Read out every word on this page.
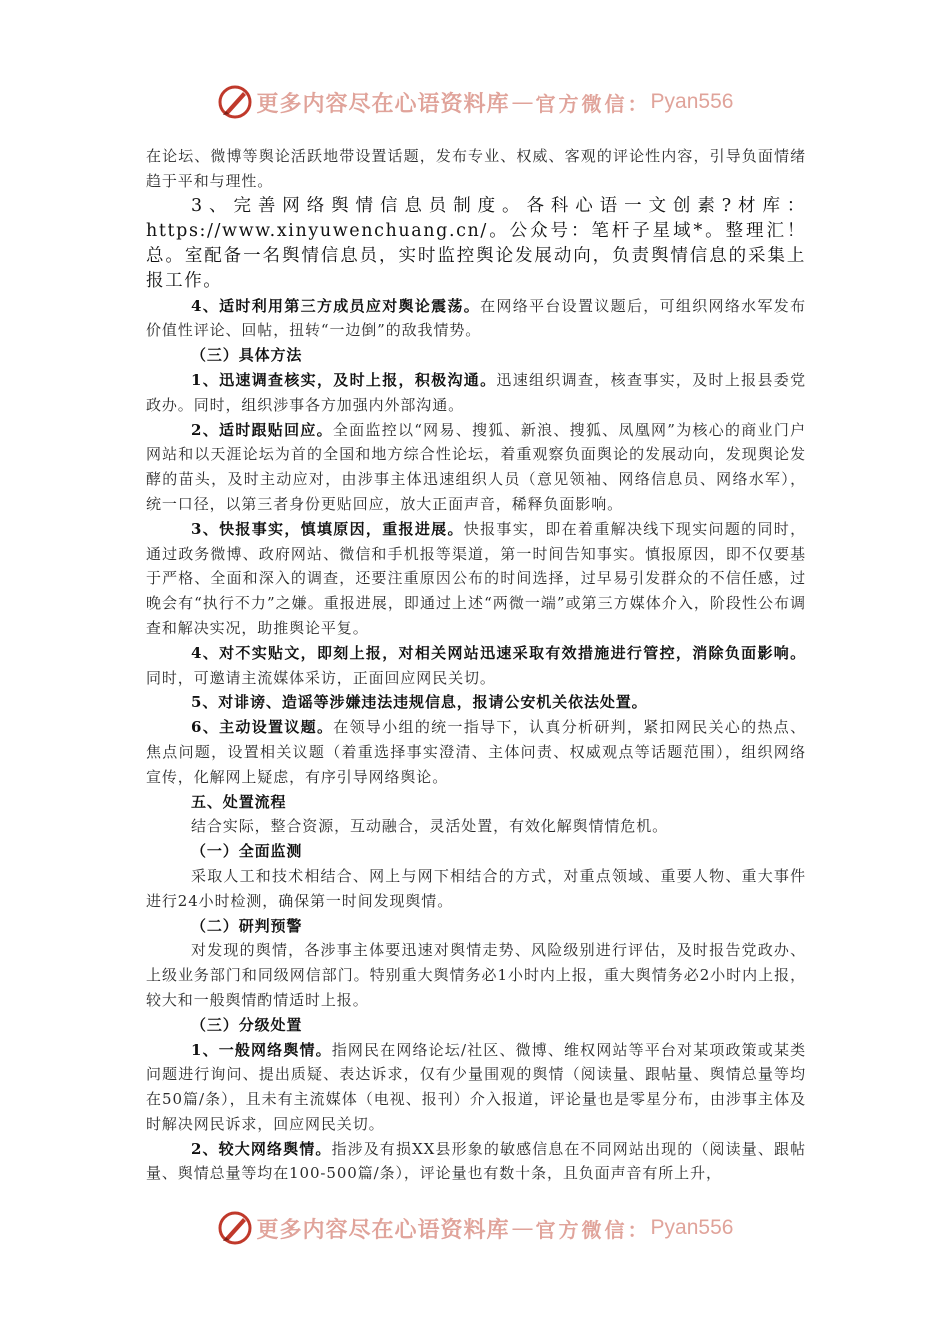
更多内容尽在心语资料库 — 官方微信： Pyan556

在论坛、微博等舆论活跃地带设置话题，发布专业、权威、客观的评论性内容，引导负面情绪趋于平和与理性。

3、完善网络舆情信息员制度。各科心语一文创素?材库：https://www.xinyuwenchuang.cn/。公众号：笔杆子星域*。整理汇！总。室配备一名舆情信息员，实时监控舆论发展动向，负责舆情信息的采集上报工作。

4、适时利用第三方成员应对舆论震荡。在网络平台设置议题后，可组织网络水军发布价值性评论、回帖，扭转“一边倒”的敌我情势。

（三）具体方法

1、迅速调查核实，及时上报，积极沟通。迅速组织调查，核查事实，及时上报县委党政办。同时，组织涉事各方加强内外部沟通。

2、适时跟贴回应。全面监控以“网易、搜狐、新浪、搜狐、凤凰网”为核心的商业门户网站和以天涯论坛为首的全国和地方综合性论坛，着重观察负面舆论的发展动向，发现舆论发酵的苗头，及时主动应对，由涉事主体迅速组织人员（意见领袖、网络信息员、网络水军），统一口径，以第三者身份更贴回应，放大正面声音，稀释负面影响。

3、快报事实，慎填原因，重报进展。快报事实，即在着重解决线下现实问题的同时，通过政务微博、政府网站、微信和手机报等渠道，第一时间告知事实。慎报原因，即不仅要基于严格、全面和深入的调查，还要注重原因公布的时间选择，过早易引发群众的不信任感，过晚会有“执行不力”之嫌。重报进展，即通过上述“两微一端”或第三方媒体介入，阶段性公布调查和解决实况，助推舆论平复。

4、对不实贴文，即刻上报，对相关网站迅速采取有效措施进行管控，消除负面影响。同时，可邀请主流媒体采访，正面回应网民关切。

5、对诽谤、造谣等涉嫌违法违规信息，报请公安机关依法处置。

6、主动设置议题。在领导小组的统一指导下，认真分析研判，紧扣网民关心的热点、焦点问题，设置相关议题（着重选择事实澄清、主体问责、权威观点等话题范围），组织网络宣传，化解网上疑虑，有序引导网络舆论。

五、处置流程

结合实际，整合资源，互动融合，灵活处置，有效化解舆情情危机。

（一）全面监测

采取人工和技术相结合、网上与网下相结合的方式，对重点领域、重要人物、重大事件进行24小时检测，确保第一时间发现舆情。

（二）研判预警

对发现的舆情，各涉事主体要迅速对舆情走势、风险级别进行评估，及时报告党政办、上级业务部门和同级网信部门。特别重大舆情务必1小时内上报，重大舆情务必2小时内上报，较大和一般舆情酌情适时上报。

（三）分级处置

1、一般网络舆情。指网民在网络论坛/社区、微博、维权网站等平台对某项政策或某类问题进行询问、提出质疑、表达诉求，仅有少量围观的舆情（阅读量、跟帖量、舆情总量等均在50篇/条），且未有主流媒体（电视、报刊）介入报道，评论量也是零星分布，由涉事主体及时解决网民诉求，回应网民关切。

2、较大网络舆情。指涉及有损XX县形象的敏感信息在不同网站出现的（阅读量、跟帖量、舆情总量等均在100-500篇/条），评论量也有数十条，且负面声音有所上升，

更多内容尽在心语资料库 — 官方微信： Pyan556
